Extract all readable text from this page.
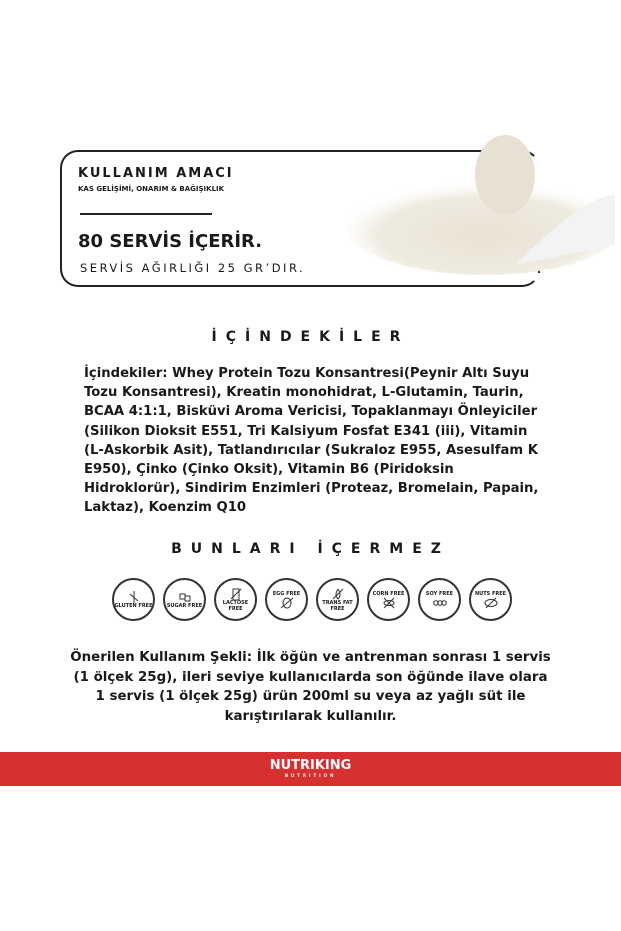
KULLANIM AMACI
KAS GELİŞİMİ, ONARIM & BAĞIŞIKLIK
80 SERVİS İÇERİR.
SERVİS AĞIRLIĞI 25 GR’DIR.
İÇİNDEKİLER
İçindekiler: Whey Protein Tozu Konsantresi(Peynir Altı Suyu Tozu Konsantresi), Kreatin monohidrat, L-Glutamin, Taurin, BCAA 4:1:1, Bisküvi Aroma Vericisi, Topaklanmayı Önleyiciler (Silikon Dioksit E551, Tri Kalsiyum Fosfat E341 (iii), Vitamin (L-Askorbik Asit), Tatlandırıcılar (Sukraloz E955, Asesulfam K E950), Çinko (Çinko Oksit), Vitamin B6 (Piridoksin Hidroklorür), Sindirim Enzimleri (Proteaz, Bromelain, Papain, Laktaz), Koenzim Q10
BUNLARI İÇERMEZ
GLUTEN FREE	SUGAR FREE	LACTOSE FREE
EGG FREE
TRANS FAT FREE
CORN FREE	SOY FREE	NUTS FREE
Önerilen Kullanım Şekli: İlk öğün ve antrenman sonrası 1 servis (1 ölçek 25g), ileri seviye kullanıcılarda son öğünde ilave olara 1 servis (1 ölçek 25g) ürün 200ml su veya az yağlı süt ile karıştırılarak kullanılır.
NUTRIKING
NUTRITION
